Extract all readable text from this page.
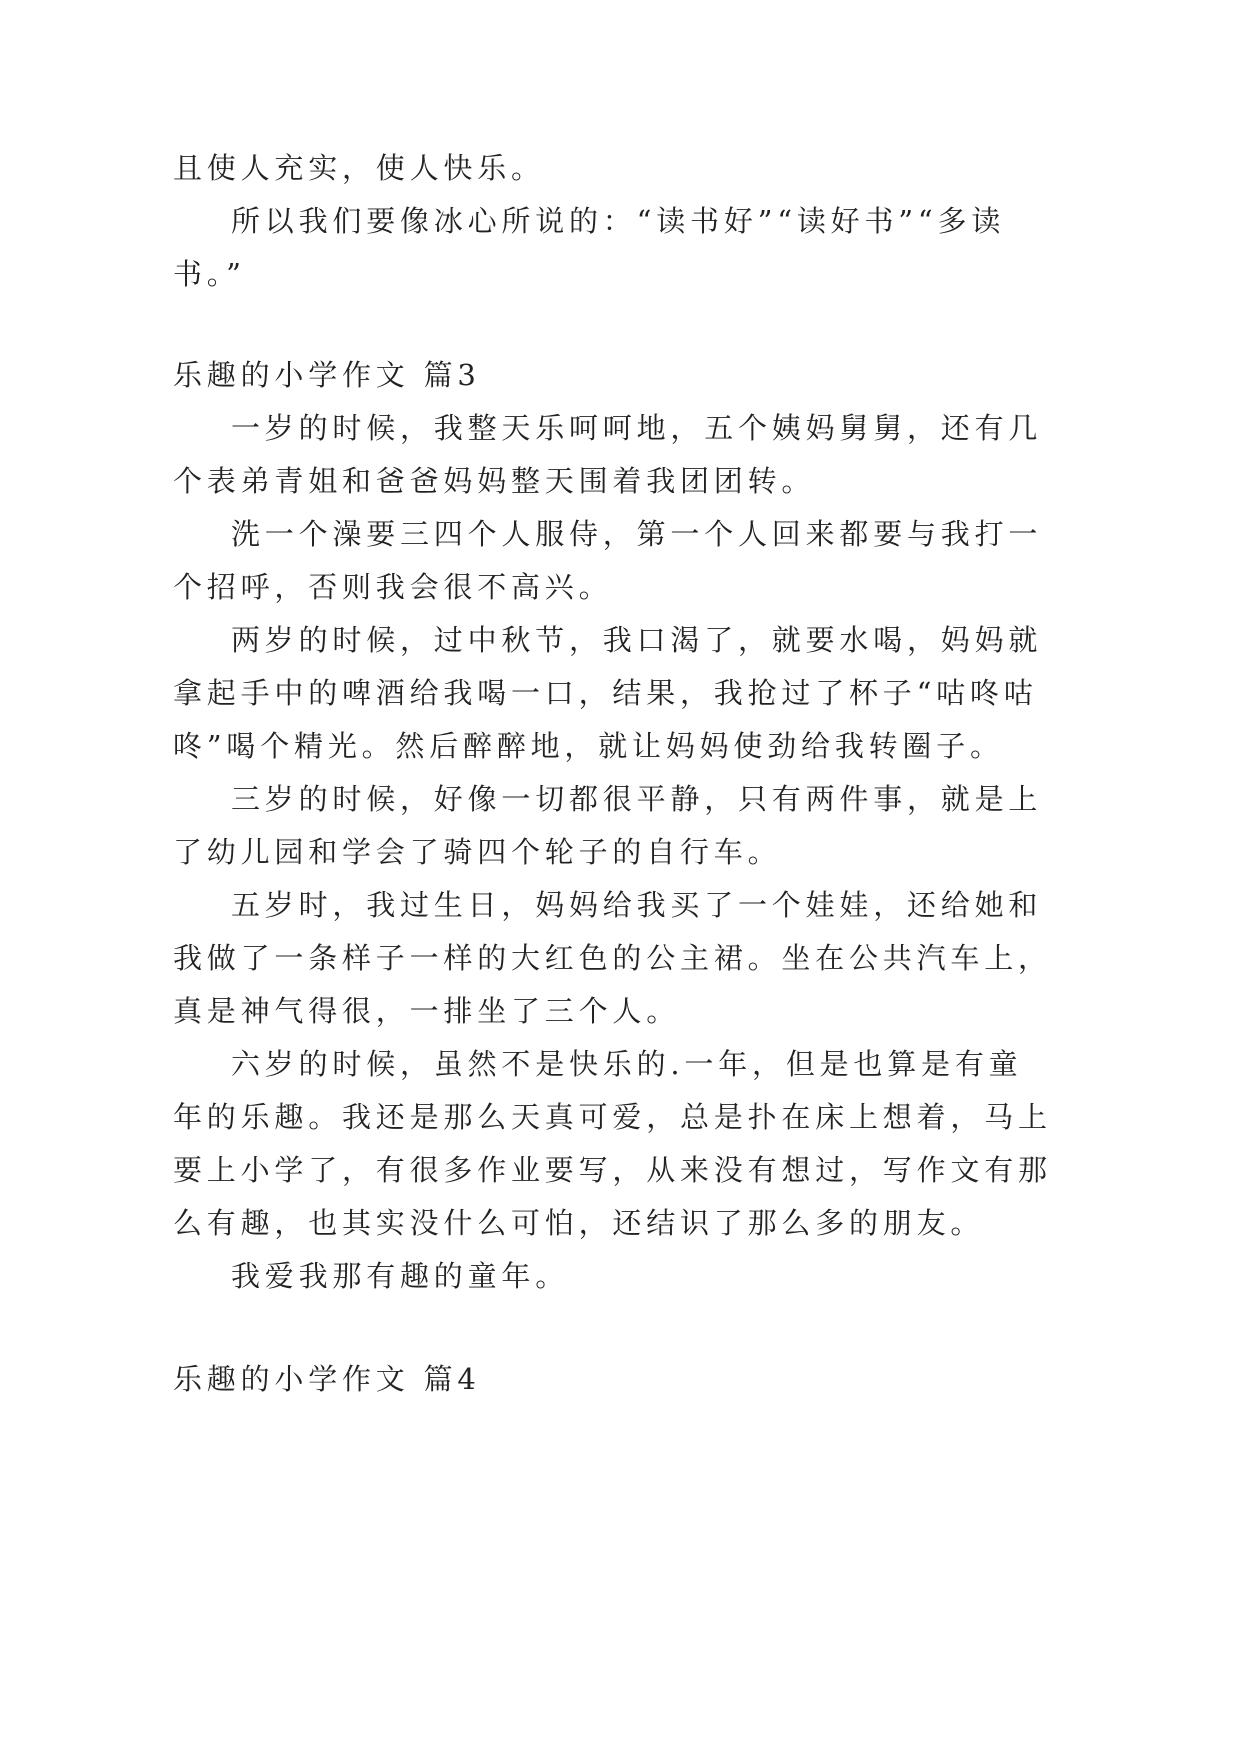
且使人充实，使人快乐。
所以我们要像冰心所说的：“读书好”“读好书”“多读
书。”
乐趣的小学作文 篇3
一岁的时候，我整天乐呵呵地，五个姨妈舅舅，还有几
个表弟青姐和爸爸妈妈整天围着我团团转。
洗一个澡要三四个人服侍，第一个人回来都要与我打一
个招呼，否则我会很不高兴。
两岁的时候，过中秋节，我口渴了，就要水喝，妈妈就
拿起手中的啤酒给我喝一口，结果，我抢过了杯子“咕咚咕
咚”喝个精光。然后醉醉地，就让妈妈使劲给我转圈子。
三岁的时候，好像一切都很平静，只有两件事，就是上
了幼儿园和学会了骑四个轮子的自行车。
五岁时，我过生日，妈妈给我买了一个娃娃，还给她和
我做了一条样子一样的大红色的公主裙。坐在公共汽车上，
真是神气得很，一排坐了三个人。
六岁的时候，虽然不是快乐的.一年，但是也算是有童
年的乐趣。我还是那么天真可爱，总是扑在床上想着，马上
要上小学了，有很多作业要写，从来没有想过，写作文有那
么有趣，也其实没什么可怕，还结识了那么多的朋友。
我爱我那有趣的童年。
乐趣的小学作文 篇4
